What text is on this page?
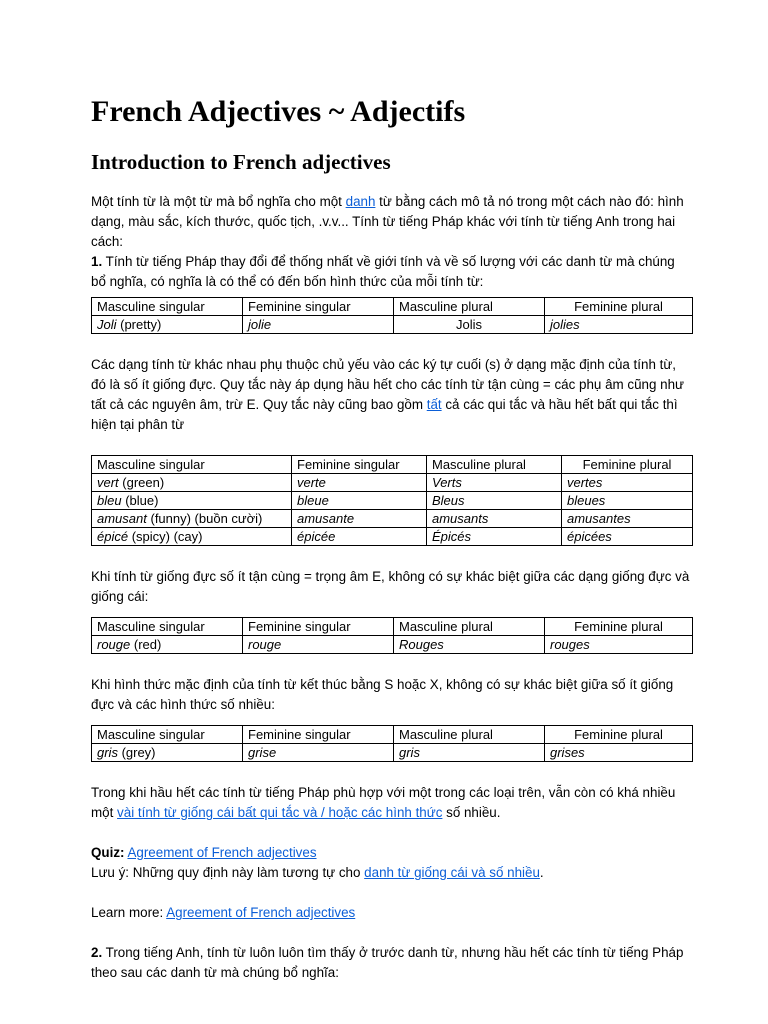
French Adjectives ~ Adjectifs
Introduction to French adjectives

Một tính từ là một từ mà bổ nghĩa cho một danh từ bằng cách mô tả nó trong một cách nào đó: hình dạng, màu sắc, kích thước, quốc tịch, .v.v... Tính từ tiếng Pháp khác với tính từ tiếng Anh trong hai cách:

1. Tính từ tiếng Pháp thay đổi để thống nhất về giới tính và về số lượng với các danh từ mà chúng bổ nghĩa, có nghĩa là có thể có đến bốn hình thức của mỗi tính từ:

Masculine singular	Feminine singular	Masculine plural	Feminine plural
Joli (pretty)	jolie	Jolis	jolies

Các dạng tính từ khác nhau phụ thuộc chủ yếu vào các ký tự cuối (s) ở dạng mặc định của tính từ, đó là số ít giống đực. Quy tắc này áp dụng hầu hết cho các tính từ tận cùng = các phụ âm cũng như tất cả các nguyên âm, trừ E. Quy tắc này cũng bao gồm tất cả các qui tắc và hầu hết bất qui tắc thì hiện tại phân từ

Masculine singular	Feminine singular	Masculine plural	Feminine plural
vert (green)	verte	Verts	vertes
bleu (blue)	bleue	Bleus	bleues
amusant (funny) (buồn cười)	amusante	amusants	amusantes
épicé (spicy) (cay)	épicée	Épicés	épicées

Khi tính từ giống đực số ít tận cùng = trọng âm E, không có sự khác biệt giữa các dạng giống đực và giống cái:

Masculine singular	Feminine singular	Masculine plural	Feminine plural
rouge (red)	rouge	Rouges	rouges

Khi hình thức mặc định của tính từ kết thúc bằng S hoặc X, không có sự khác biệt giữa số ít giống đực và các hình thức số nhiều:

Masculine singular	Feminine singular	Masculine plural	Feminine plural
gris (grey)	grise	gris	grises

Trong khi hầu hết các tính từ tiếng Pháp phù hợp với một trong các loại trên, vẫn còn có khá nhiều một vài tính từ giống cái bất qui tắc và / hoặc các hình thức số nhiều.

Quiz: Agreement of French adjectives

Lưu ý: Những quy định này làm tương tự cho danh từ giống cái và số nhiều.

Learn more: Agreement of French adjectives

2. Trong tiếng Anh, tính từ luôn luôn tìm thấy ở trước danh từ, nhưng hầu hết các tính từ tiếng Pháp theo sau các danh từ mà chúng bổ nghĩa:
